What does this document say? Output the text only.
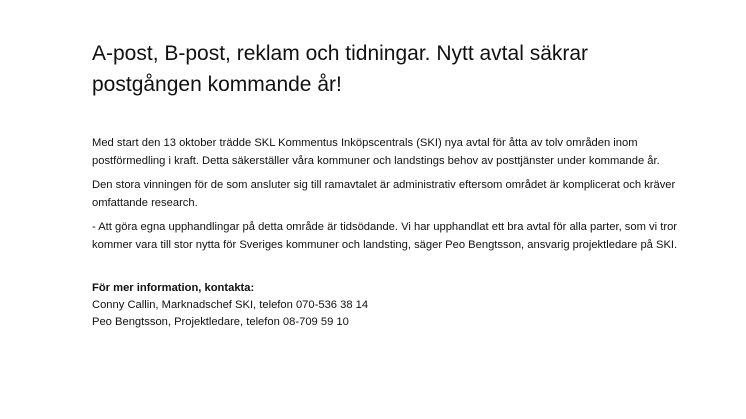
A-post, B-post, reklam och tidningar. Nytt avtal säkrar
postgången kommande år!

Med start den 13 oktober trädde SKL Kommentus Inköpscentrals (SKI) nya avtal för åtta av tolv områden inom postförmedling i kraft. Detta säkerställer våra kommuner och landstings behov av posttjänster under kommande år.

Den stora vinningen för de som ansluter sig till ramavtalet är administrativ eftersom området är komplicerat och kräver omfattande research.

- Att göra egna upphandlingar på detta område är tidsödande. Vi har upphandlat ett bra avtal för alla parter, som vi tror kommer vara till stor nytta för Sveriges kommuner och landsting, säger Peo Bengtsson, ansvarig projektledare på SKI.

För mer information, kontakta:

Conny Callin, Marknadschef SKI, telefon 070-536 38 14

Peo Bengtsson, Projektledare, telefon 08-709 59 10
